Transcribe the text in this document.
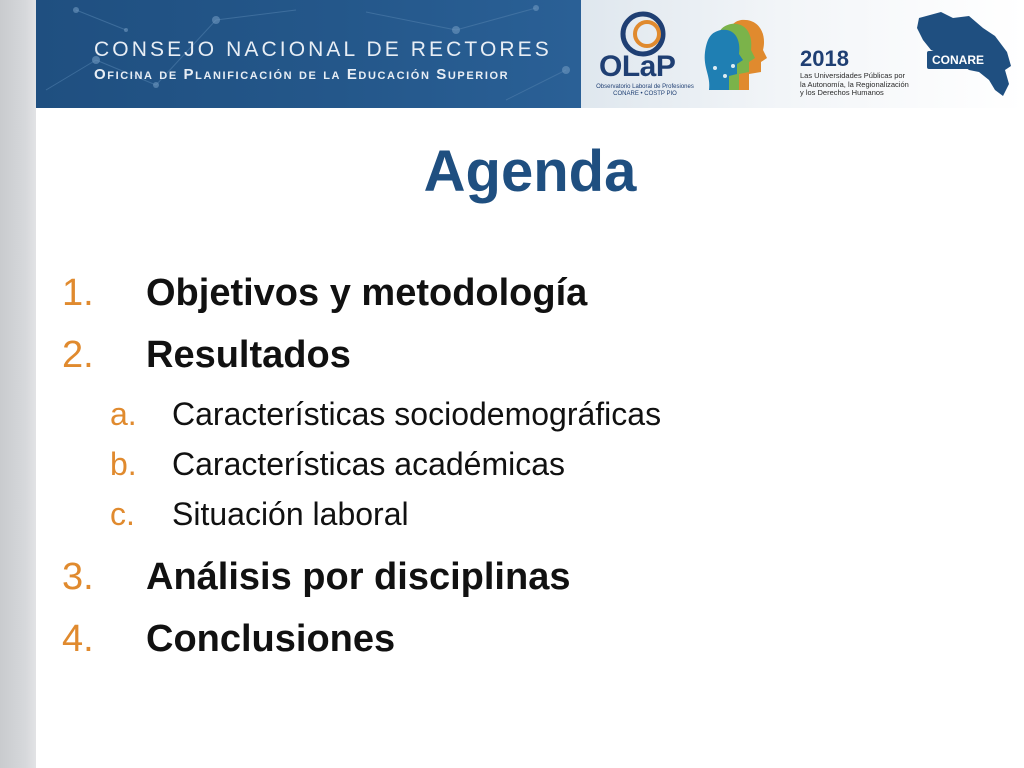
CONSEJO NACIONAL DE RECTORES
Oficina de Planificación de la Educación Superior	OLaP
Observatorio Laboral de Profesiones CONARE • COSTP PIO
2018
Las Universidades Públicas por la Autonomía, la Regionalización y los Derechos Humanos
CONARE
Agenda
1.	Objetivos y metodología
2.	Resultados
a.	Características sociodemográficas
b.	Características académicas
c.	Situación laboral
3.	Análisis por disciplinas
4.	Conclusiones
